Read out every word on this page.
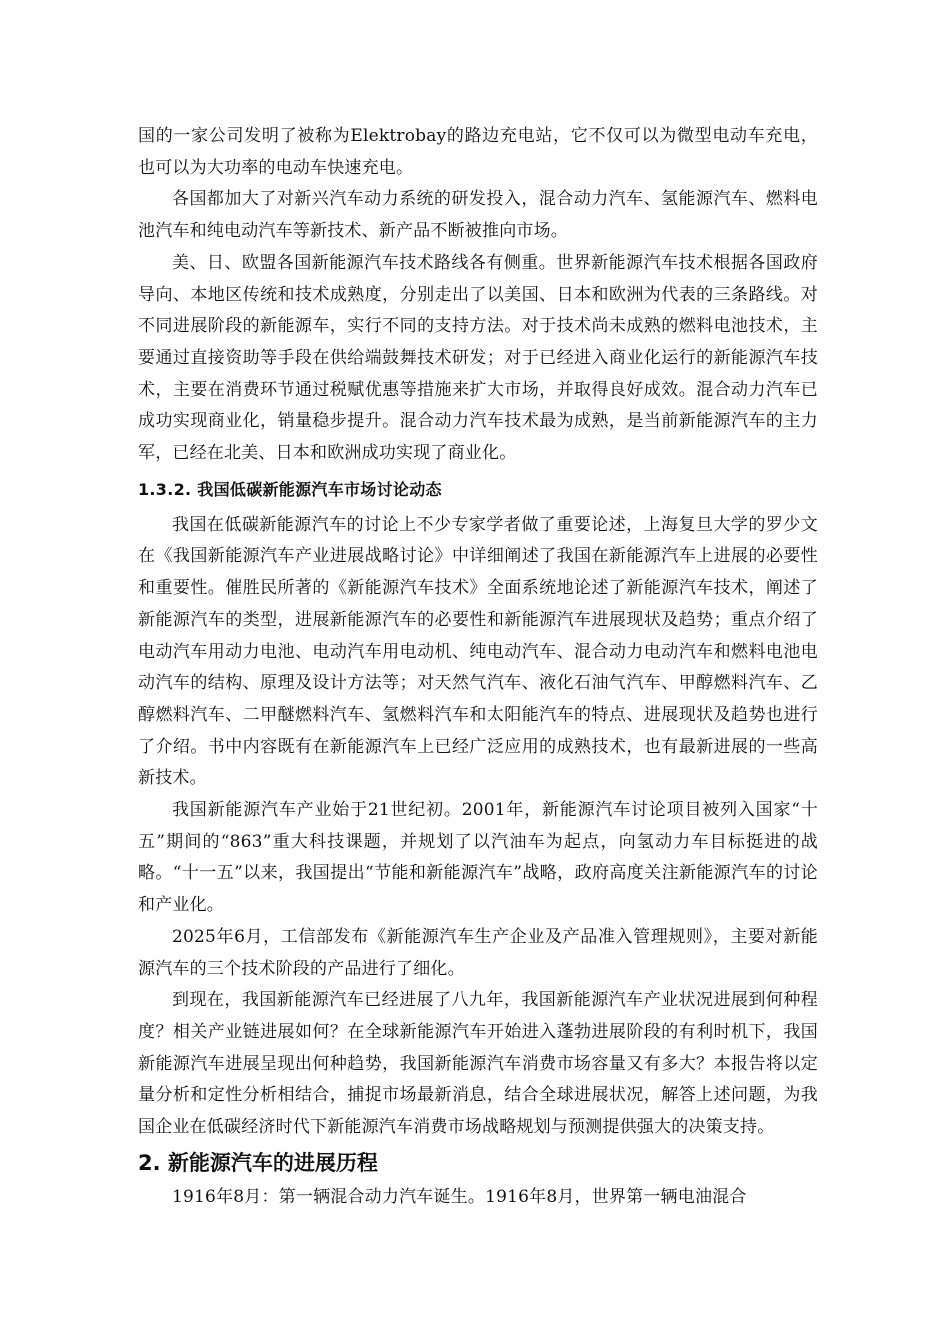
国的一家公司发明了被称为Elektrobay的路边充电站，它不仅可以为微型电动车充电，也可以为大功率的电动车快速充电。

各国都加大了对新兴汽车动力系统的研发投入，混合动力汽车、氢能源汽车、燃料电池汽车和纯电动汽车等新技术、新产品不断被推向市场。

美、日、欧盟各国新能源汽车技术路线各有侧重。世界新能源汽车技术根据各国政府导向、本地区传统和技术成熟度，分别走出了以美国、日本和欧洲为代表的三条路线。对不同进展阶段的新能源车，实行不同的支持方法。对于技术尚未成熟的燃料电池技术，主要通过直接资助等手段在供给端鼓舞技术研发；对于已经进入商业化运行的新能源汽车技术，主要在消费环节通过税赋优惠等措施来扩大市场，并取得良好成效。混合动力汽车已成功实现商业化，销量稳步提升。混合动力汽车技术最为成熟，是当前新能源汽车的主力军，已经在北美、日本和欧洲成功实现了商业化。

1.3.2. 我国低碳新能源汽车市场讨论动态

我国在低碳新能源汽车的讨论上不少专家学者做了重要论述，上海复旦大学的罗少文在《我国新能源汽车产业进展战略讨论》中详细阐述了我国在新能源汽车上进展的必要性和重要性。催胜民所著的《新能源汽车技术》全面系统地论述了新能源汽车技术，阐述了新能源汽车的类型，进展新能源汽车的必要性和新能源汽车进展现状及趋势；重点介绍了电动汽车用动力电池、电动汽车用电动机、纯电动汽车、混合动力电动汽车和燃料电池电动汽车的结构、原理及设计方法等；对天然气汽车、液化石油气汽车、甲醇燃料汽车、乙醇燃料汽车、二甲醚燃料汽车、氢燃料汽车和太阳能汽车的特点、进展现状及趋势也进行了介绍。书中内容既有在新能源汽车上已经广泛应用的成熟技术，也有最新进展的一些高新技术。

我国新能源汽车产业始于21世纪初。2001年，新能源汽车讨论项目被列入国家“十五”期间的“863”重大科技课题，并规划了以汽油车为起点，向氢动力车目标挺进的战略。“十一五”以来，我国提出“节能和新能源汽车”战略，政府高度关注新能源汽车的讨论和产业化。

2025年6月，工信部发布《新能源汽车生产企业及产品准入管理规则》，主要对新能源汽车的三个技术阶段的产品进行了细化。

到现在，我国新能源汽车已经进展了八九年，我国新能源汽车产业状况进展到何种程度？相关产业链进展如何？在全球新能源汽车开始进入蓬勃进展阶段的有利时机下，我国新能源汽车进展呈现出何种趋势，我国新能源汽车消费市场容量又有多大？本报告将以定量分析和定性分析相结合，捕捉市场最新消息，结合全球进展状况，解答上述问题，为我国企业在低碳经济时代下新能源汽车消费市场战略规划与预测提供强大的决策支持。

2. 新能源汽车的进展历程

1916年8月：第一辆混合动力汽车诞生。1916年8月，世界第一辆电油混合
